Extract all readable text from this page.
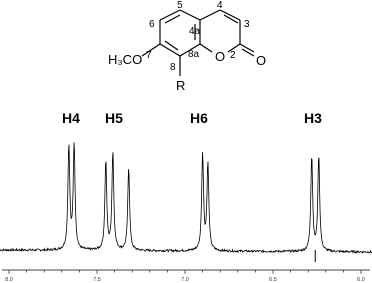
H₃CO	O O
R
5	4
6	3
4a
7	8a	2
8
H4 H5	H6	H3
8.0	7.5	7.0	6.5	6.0
